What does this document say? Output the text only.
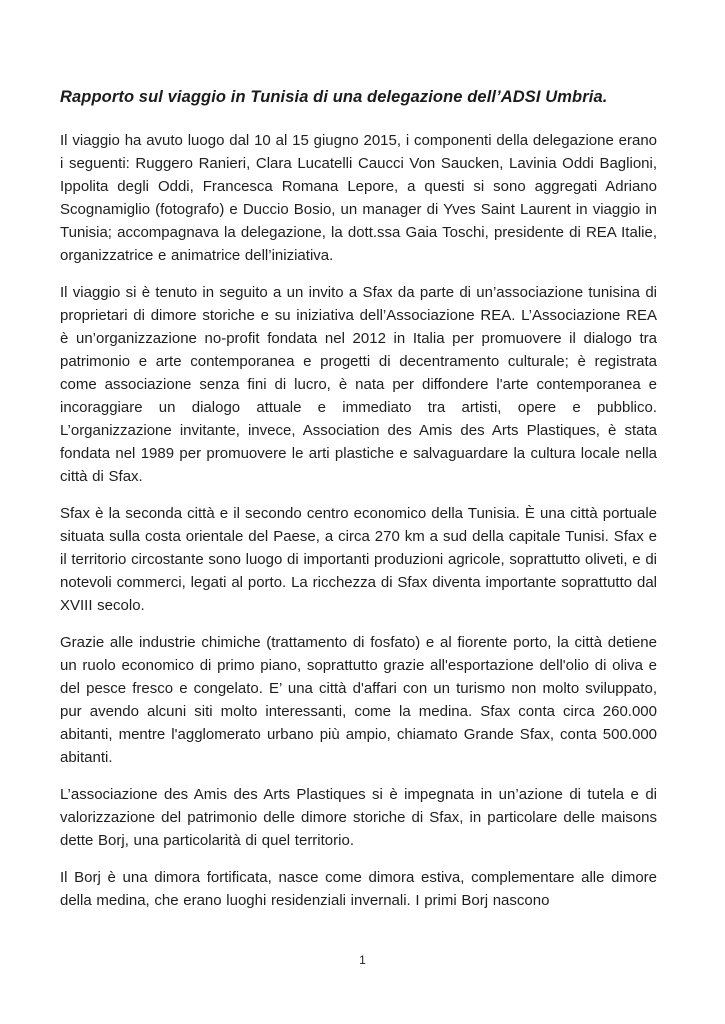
Rapporto sul viaggio in Tunisia di una delegazione dell’ADSI Umbria.

Il viaggio ha avuto luogo dal 10 al 15 giugno 2015, i componenti della delegazione erano i seguenti: Ruggero Ranieri, Clara Lucatelli Caucci Von Saucken, Lavinia Oddi Baglioni, Ippolita degli Oddi, Francesca Romana Lepore, a questi si sono aggregati Adriano Scognamiglio (fotografo) e Duccio Bosio, un manager di Yves Saint Laurent in viaggio in Tunisia; accompagnava la delegazione, la dott.ssa Gaia Toschi, presidente di REA Italie, organizzatrice e animatrice dell’iniziativa.

Il viaggio si è tenuto in seguito a un invito a Sfax da parte di un’associazione tunisina di proprietari di dimore storiche e su iniziativa dell’Associazione REA. L’Associazione REA è un’organizzazione no-profit fondata nel 2012 in Italia per promuovere il dialogo tra patrimonio e arte contemporanea e progetti di decentramento culturale; è registrata come associazione senza fini di lucro, è nata per diffondere l'arte contemporanea e incoraggiare un dialogo attuale e immediato tra artisti, opere e pubblico. L’organizzazione invitante, invece, Association des Amis des Arts Plastiques, è stata fondata nel 1989 per promuovere le arti plastiche e salvaguardare la cultura locale nella città di Sfax.

Sfax è la seconda città e il secondo centro economico della Tunisia. È una città portuale situata sulla costa orientale del Paese, a circa 270 km a sud della capitale Tunisi. Sfax e il territorio circostante sono luogo di importanti produzioni agricole, soprattutto oliveti, e di notevoli commerci, legati al porto. La ricchezza di Sfax diventa importante soprattutto dal XVIII secolo.

Grazie alle industrie chimiche (trattamento di fosfato) e al fiorente porto, la città detiene un ruolo economico di primo piano, soprattutto grazie all'esportazione dell'olio di oliva e del pesce fresco e congelato. E’ una città d'affari con un turismo non molto sviluppato, pur avendo alcuni siti molto interessanti, come la medina. Sfax conta circa 260.000 abitanti, mentre l'agglomerato urbano più ampio, chiamato Grande Sfax, conta 500.000 abitanti.

L’associazione des Amis des Arts Plastiques si è impegnata in un’azione di tutela e di valorizzazione del patrimonio delle dimore storiche di Sfax, in particolare delle maisons dette Borj, una particolarità di quel territorio.

Il Borj è una dimora fortificata, nasce come dimora estiva, complementare alle dimore della medina, che erano luoghi residenziali invernali. I primi Borj nascono

1
